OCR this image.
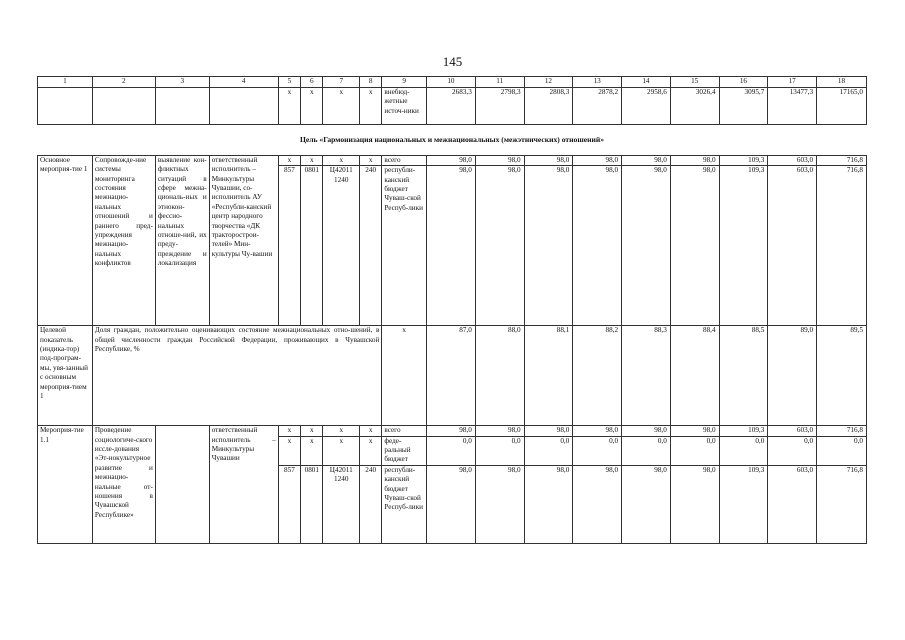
145
1	2	3	4	5	6	7	8	9	10	11	12	13	14	15	16	17	18
				x	x	x	x	внебюд-жетные источ-ники	2683,3	2798,3	2808,3	2878,2	2958,6	3026,4	3095,7	13477,3	17165,0
Цель «Гармонизация национальных и межнациональных (межэтнических) отношений»																	
Основное мероприя-тие 1	Сопровожде-ние системы мониторинга состояния межнацио-нальных отношений и раннего пред-упреждения межнацио-нальных конфликтов	выявление кон-фликтных ситуаций в сфере межна-циональ-ных и этнокон-фессио-нальных отноше-ний, их преду-преждение и локализация	ответственный исполнитель – Минкультуры Чувашии, со-исполнитель АУ «Республи-канский центр народного творчества «ДК тракторострои-телей» Мин-культуры Чу-вашии	x	x	x	x	всего	98,0	98,0	98,0	98,0	98,0	98,0	109,3	603,0	716,8
				857	0801	Ц42011 1240	240	республи-канский бюджет Чуваш-ской Респуб-лики	98,0	98,0	98,0	98,0	98,0	98,0	109,3	603,0	716,8
Целевой показатель (индика-тор) под-програм-мы, увя-занный с основным мероприя-тием 1	Доля граждан, положительно оценивающих состояние межнациональных отно-шений, в общей численности граждан Российской Федерации, проживающих в Чувашской Республике, %							x	87,0	88,0	88,1	88,2	88,3	88,4	88,5	89,0	89,5
Мероприя-тие 1.1	Проведение социологиче-ского иссле-дования «Эт-нокультурное развитие и межнацио-нальные от-ношения в Чувашской Республике»		ответственный исполнитель – Минкультуры Чувашии	x	x	x	x	всего	98,0	98,0	98,0	98,0	98,0	98,0	109,3	603,0	716,8
				x	x	x	x	феде-ральный бюджет	0,0	0,0	0,0	0,0	0,0	0,0	0,0	0,0	0,0
				857	0801	Ц42011 1240	240	республи-канский бюджет Чуваш-ской Респуб-лики	98,0	98,0	98,0	98,0	98,0	98,0	109,3	603,0	716,8
